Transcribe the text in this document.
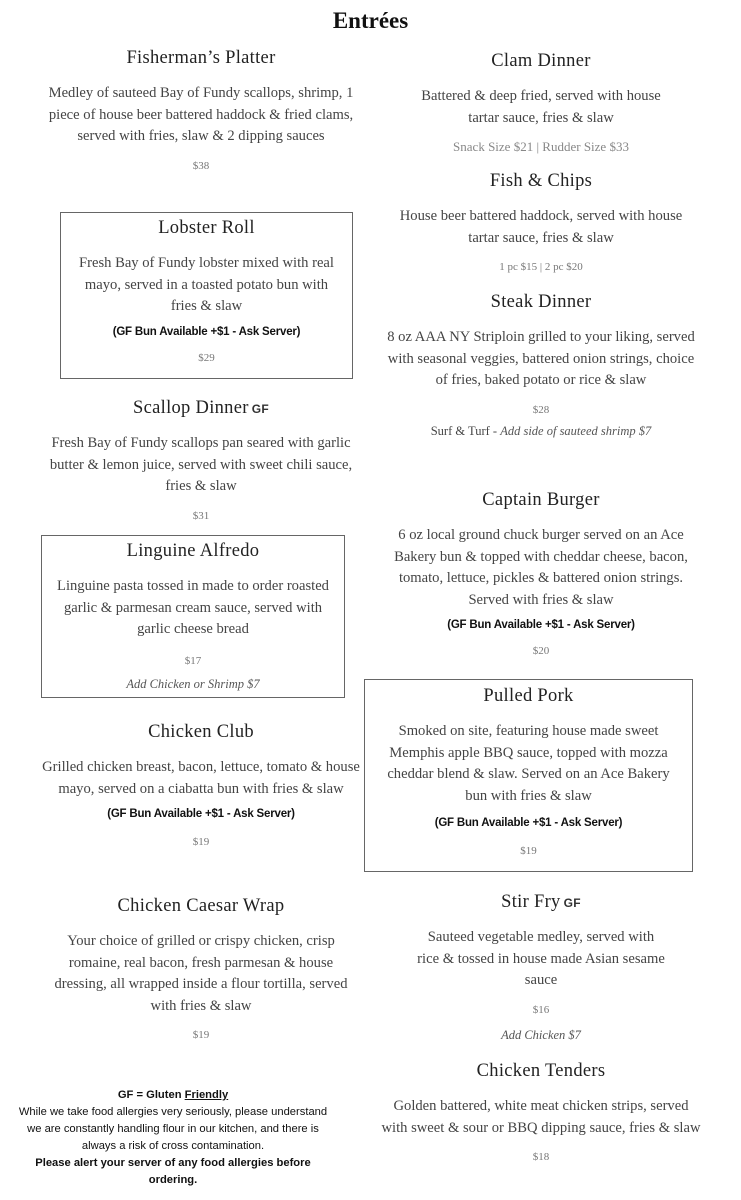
Entrées
Fisherman’s Platter
Medley of sauteed Bay of Fundy scallops, shrimp, 1 piece of house beer battered haddock & fried clams, served with fries, slaw & 2 dipping sauces
$38
Lobster Roll
Fresh Bay of Fundy lobster mixed with real mayo, served in a toasted potato bun with fries & slaw
(GF Bun Available +$1 - Ask Server)
$29
Scallop Dinner GF
Fresh Bay of Fundy scallops pan seared with garlic butter & lemon juice, served with sweet chili sauce, fries & slaw
$31
Linguine Alfredo
Linguine pasta tossed in made to order roasted garlic & parmesan cream sauce, served with garlic cheese bread
$17
Add Chicken or Shrimp $7
Chicken Club
Grilled chicken breast, bacon, lettuce, tomato & house mayo, served on a ciabatta bun with fries & slaw
(GF Bun Available +$1 - Ask Server)
$19
Chicken Caesar Wrap
Your choice of grilled or crispy chicken, crisp romaine, real bacon, fresh parmesan & house dressing, all wrapped inside a flour tortilla, served with fries & slaw
$19
Clam Dinner
Battered & deep fried, served with house tartar sauce, fries & slaw
Snack Size $21 | Rudder Size $33
Fish & Chips
House beer battered haddock, served with house tartar sauce, fries & slaw
1 pc $15 | 2 pc $20
Steak Dinner
8 oz AAA NY Striploin grilled to your liking, served with seasonal veggies, battered onion strings, choice of fries, baked potato or rice & slaw
$28
Surf & Turf - Add side of sauteed shrimp $7
Captain Burger
6 oz local ground chuck burger served on an Ace Bakery bun & topped with cheddar cheese, bacon, tomato, lettuce, pickles & battered onion strings. Served with fries & slaw
(GF Bun Available +$1 - Ask Server)
$20
Pulled Pork
Smoked on site, featuring house made sweet Memphis apple BBQ sauce, topped with mozza cheddar blend & slaw. Served on an Ace Bakery bun with fries & slaw
(GF Bun Available +$1 - Ask Server)
$19
Stir Fry GF
Sauteed vegetable medley, served with rice & tossed in house made Asian sesame sauce
$16
Add Chicken $7
Chicken Tenders
Golden battered, white meat chicken strips, served with sweet & sour or BBQ dipping sauce, fries & slaw
$18
GF = Gluten Friendly
While we take food allergies very seriously, please understand we are constantly handling flour in our kitchen, and there is always a risk of cross contamination.
Please alert your server of any food allergies before ordering.
